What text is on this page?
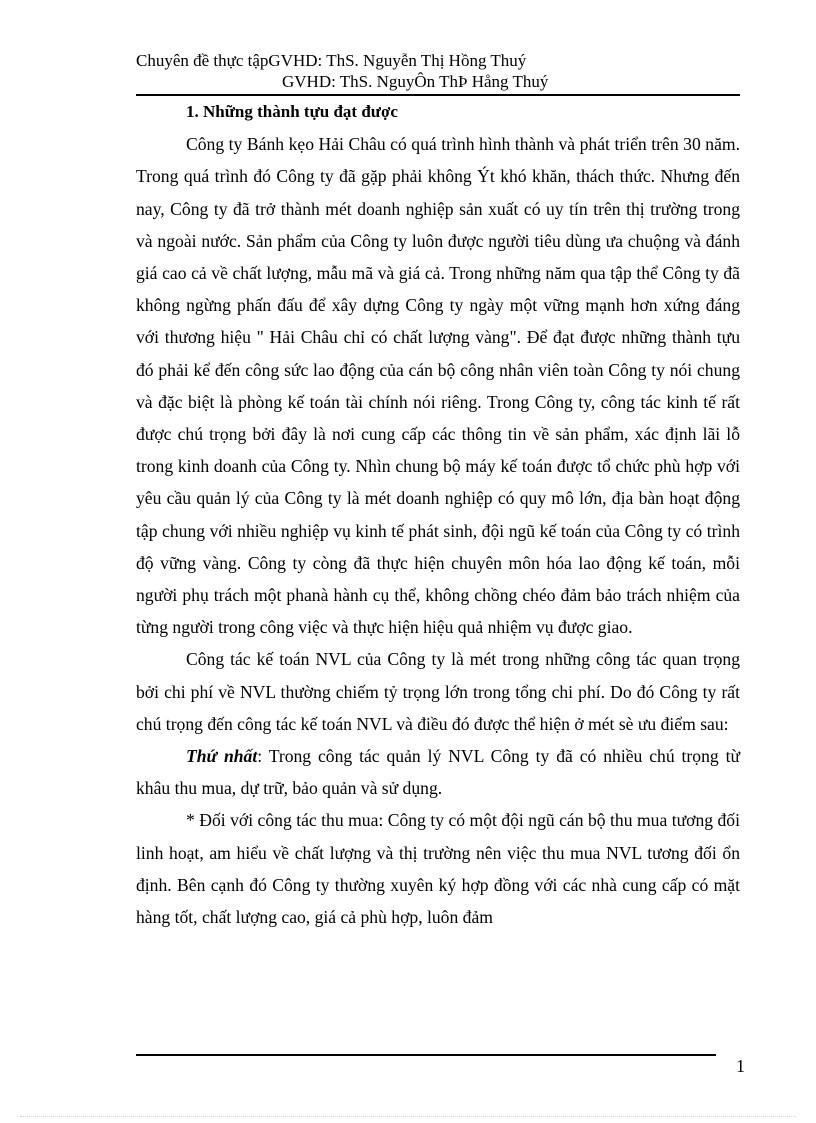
Chuyên đề thực tậpGVHD: ThS. Nguyễn Thị Hồng Thuý
GVHD: ThS. NguyÔn ThÞ Hång Thuý

1. Những thành tựu đạt được

Công ty Bánh kẹo Hải Châu có quá trình hình thành và phát triển trên 30 năm. Trong quá trình đó Công ty đã gặp phải không Ýt khó khăn, thách thức. Nhưng đến nay, Công ty đã trở thành mét doanh nghiệp sản xuất có uy tín trên thị trường trong và ngoài nước. Sản phẩm của Công ty luôn được người tiêu dùng ưa chuộng và đánh giá cao cả về chất lượng, mẫu mã và giá cả. Trong những năm qua tập thể Công ty đã không ngừng phấn đấu để xây dựng Công ty ngày một vững mạnh hơn xứng đáng với thương hiệu " Hải Châu chỉ có chất lượng vàng". Để đạt được những thành tựu đó phải kể đến công sức lao động của cán bộ công nhân viên toàn Công ty nói chung và đặc biệt là phòng kế toán tài chính nói riêng. Trong Công ty, công tác kinh tế rất được chú trọng bởi đây là nơi cung cấp các thông tin về sản phẩm, xác định lãi lỗ trong kinh doanh của Công ty. Nhìn chung bộ máy kế toán được tổ chức phù hợp với yêu cầu quản lý của Công ty là mét doanh nghiệp có quy mô lớn, địa bàn hoạt động tập chung với nhiều nghiệp vụ kinh tế phát sinh, đội ngũ kế toán của Công ty có trình độ vững vàng. Công ty còng đã thực hiện chuyên môn hóa lao động kế toán, mỗi người phụ trách một phanà hành cụ thể, không chồng chéo đảm bảo trách nhiệm của từng người trong công việc và thực hiện hiệu quả nhiệm vụ được giao.

Công tác kế toán NVL của Công ty là mét trong những công tác quan trọng bởi chi phí về NVL thường chiếm tỷ trọng lớn trong tổng chi phí. Do đó Công ty rất chú trọng đến công tác kế toán NVL và điều đó được thể hiện ở mét sè ưu điểm sau:

Thứ nhất: Trong công tác quản lý NVL Công ty đã có nhiều chú trọng từ khâu thu mua, dự trữ, bảo quản và sử dụng.

* Đối với công tác thu mua: Công ty có một đội ngũ cán bộ thu mua tương đối linh hoạt, am hiểu về chất lượng và thị trường nên việc thu mua NVL tương đối ổn định. Bên cạnh đó Công ty thường xuyên ký hợp đồng với các nhà cung cấp có mặt hàng tốt, chất lượng cao, giá cả phù hợp, luôn đảm

1
